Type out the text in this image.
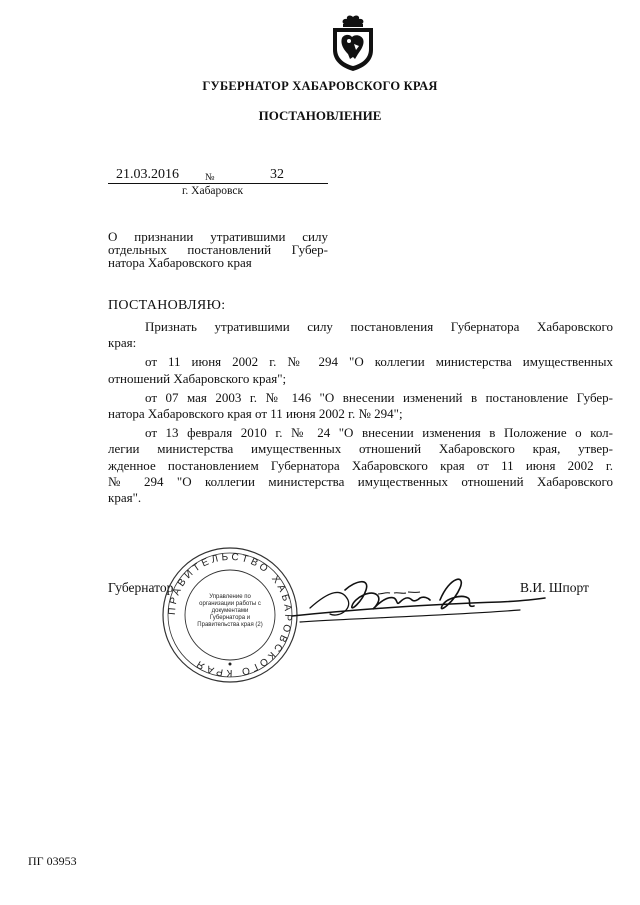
ГУБЕРНАТОР ХАБАРОВСКОГО КРАЯ
ПОСТАНОВЛЕНИЕ
21.03.2016	№	32
г. Хабаровск
О признании утратившими силу
отдельных постановлений Губер-
натора Хабаровского края
ПОСТАНОВЛЯЮ:
Признать утратившими силу постановления Губернатора Хабаровского
края:
от 11 июня 2002 г. № 294 "О коллегии министерства имущественных
отношений Хабаровского края";
от 07 мая 2003 г. № 146 "О внесении изменений в постановление Губер-
натора Хабаровского края от 11 июня 2002 г. № 294";
от 13 февраля 2010 г. № 24 "О внесении изменения в Положение о кол-
легии министерства имущественных отношений Хабаровского края, утвер-
жденное постановлением Губернатора Хабаровского края от 11 июня 2002 г.
№ 294 "О коллегии министерства имущественных отношений Хабаровского
края".
Губернатор
ПРАВИТЕЛЬСТВО ХАБАРОВСКОГО КРАЯ
Управление по организации работы с документами Губернатора и Правительства края (2)
В.И. Шпорт
ПГ 03953
